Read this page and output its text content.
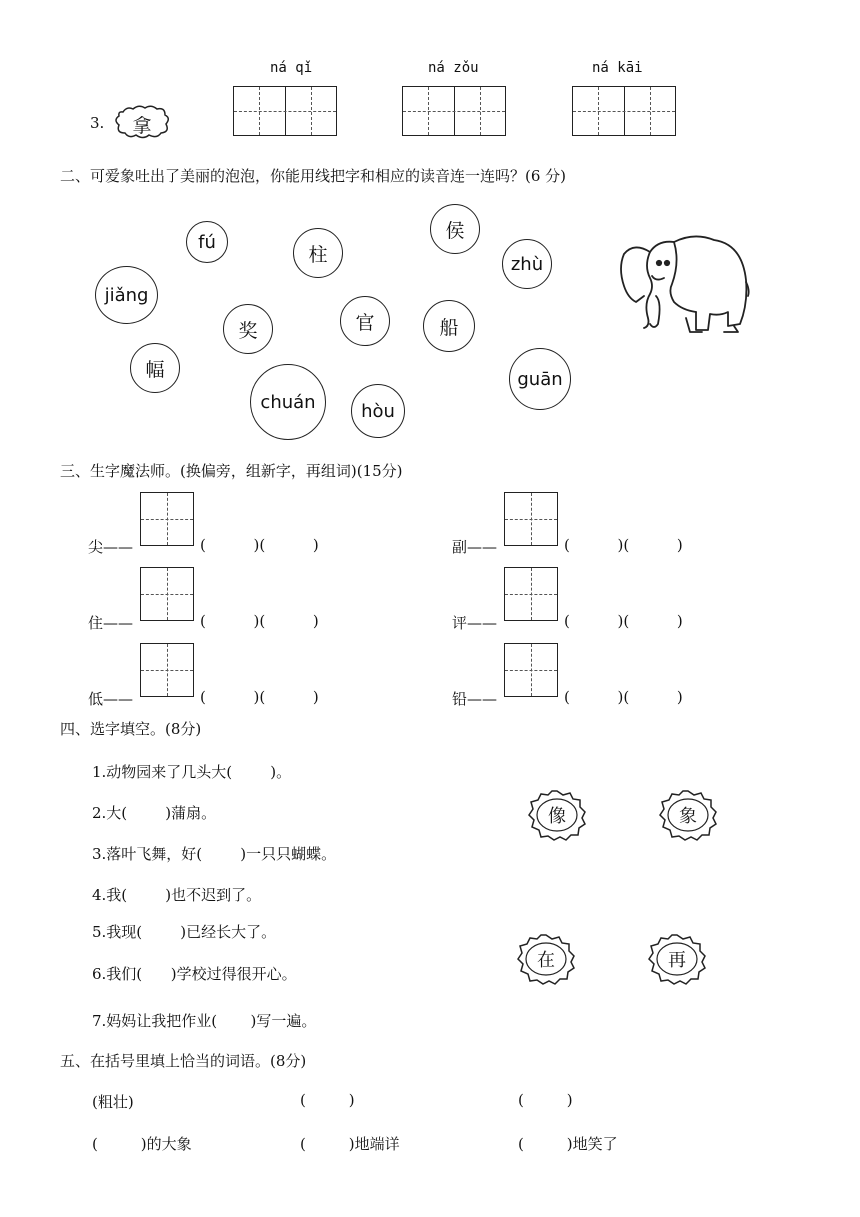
3.	拿
ná qǐ	ná zǒu	ná kāi
二、可爱象吐出了美丽的泡泡，你能用线把字和相应的读音连一连吗？(6 分)
fú
柱
侯
zhù
jiǎng
奖	官	船
幅
chuán	hòu
guān
三、生字魔法师。(换偏旁，组新字，再组词)(15分)
尖——	(          )(          )	副——	(          )(          )
住——	(          )(          )	评——	(          )(          )
低——	(          )(          )	铅——	(          )(          )
四、选字填空。(8分)
1.动物园来了几头大(        )。
2.大(        )蒲扇。
3.落叶飞舞，好(        )一只只蝴蝶。
4.我(        )也不迟到了。
5.我现(        )已经长大了。
6.我们(      )学校过得很开心。
7.妈妈让我把作业(       )写一遍。
像	象
在	再
五、在括号里填上恰当的词语。(8分)
(粗壮)	(         )	(         )
(         )的大象	(         )地端详	(         )地笑了
